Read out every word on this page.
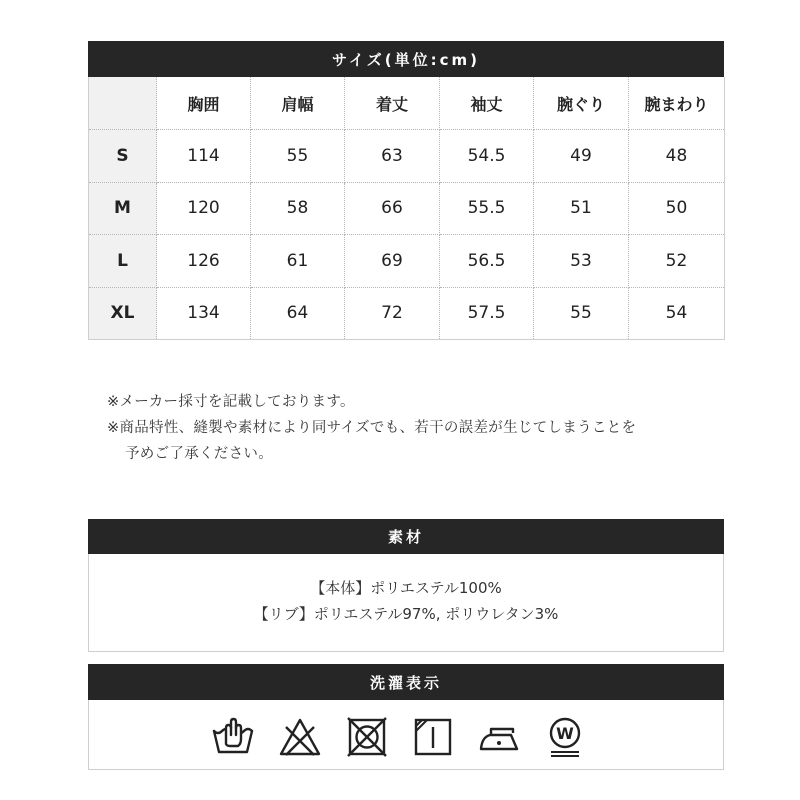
サイズ(単位:cm)
	胸囲	肩幅	着丈	袖丈	腕ぐり	腕まわり
S	114	55	63	54.5	49	48
M	120	58	66	55.5	51	50
L	126	61	69	56.5	53	52
XL	134	64	72	57.5	55	54
※メーカー採寸を記載しております。
※商品特性、縫製や素材により同サイズでも、若干の誤差が生じてしまうことを
予めご了承ください。
素材
【本体】ポリエステル100%
【リブ】ポリエステル97%, ポリウレタン3%
洗濯表示
W
